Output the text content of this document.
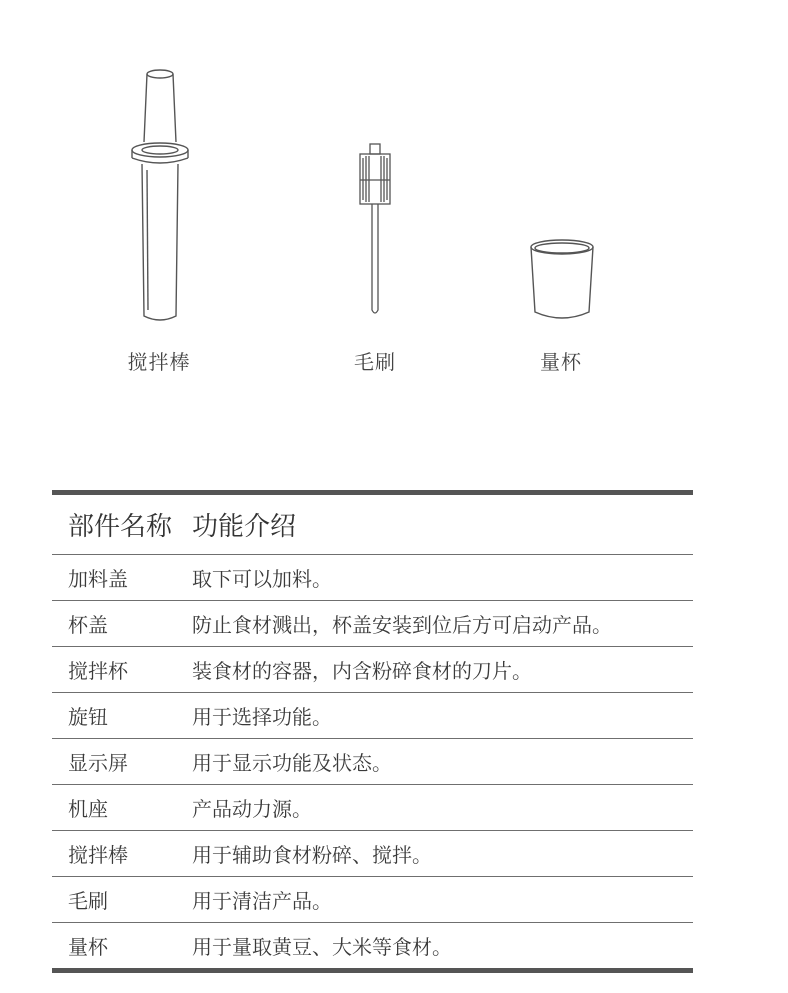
搅拌棒	毛刷	量杯
部件名称 功能介绍
加料盖	取下可以加料。
杯盖	防止食材溅出，杯盖安装到位后方可启动产品。
搅拌杯	装食材的容器，内含粉碎食材的刀片。
旋钮	用于选择功能。
显示屏	用于显示功能及状态。
机座	产品动力源。
搅拌棒	用于辅助食材粉碎、搅拌。
毛刷	用于清洁产品。
量杯	用于量取黄豆、大米等食材。
